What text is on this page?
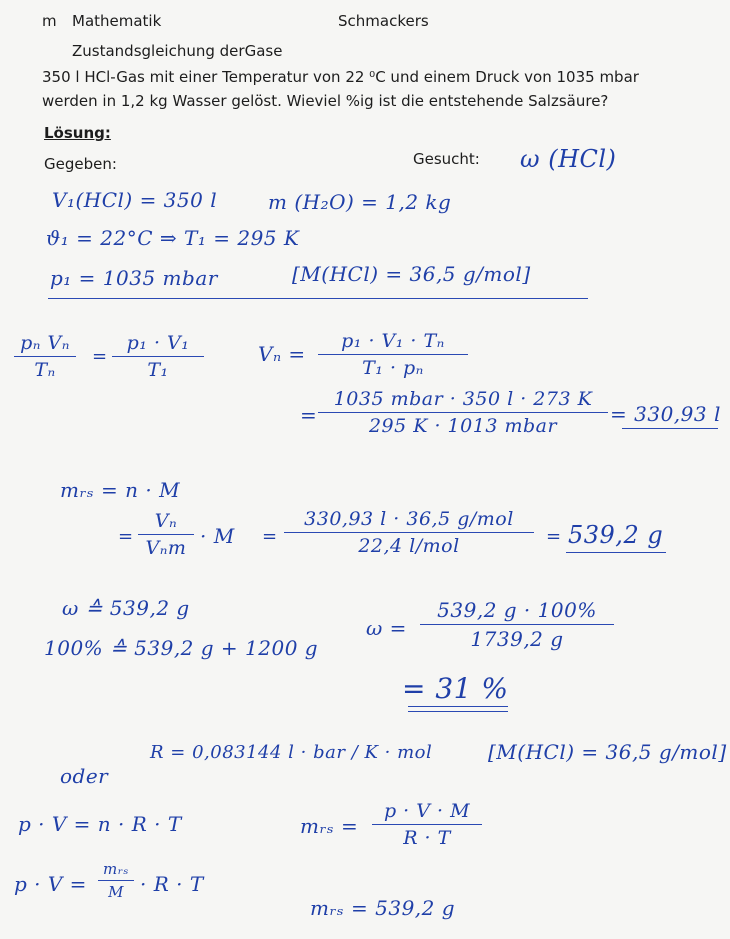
m Mathematik	Schmackers
Zustandsgleichung derGase
350 l HCl-Gas mit einer Temperatur von 22 ⁰C und einem Druck von 1035 mbar
werden in 1,2 kg Wasser gelöst. Wieviel %ig ist die entstehende Salzsäure?
Lösung:
Gegeben:	Gesucht: ω (HCl)
V₁(HCl) = 350 l	m (H₂O) = 1,2 kg
ϑ₁ = 22°C ⇒ T₁ = 295 K
p₁ = 1035 mbar	[M(HCl) = 36,5 g/mol]
pₙ Vₙ
Tₙ
=
p₁ · V₁
T₁
Vₙ =
p₁ · V₁ · Tₙ
T₁ · pₙ
=
1035 mbar · 350 l · 273 K
295 K · 1013 mbar	= 330,93 l
mᵣₛ = n · M
=
Vₙ
Vₙm · M =
330,93 l · 36,5 g/mol
22,4 l/mol	= 539,2 g
ω ≙ 539,2 g
100% ≙ 539,2 g + 1200 g
ω =
539,2 g · 100%
1739,2 g
= 31 %
R = 0,083144 l · bar / K · mol	[M(HCl) = 36,5 g/mol]
oder
p · V = n · R · T	mᵣₛ =
p · V · M
R · T
p · V =
mᵣₛ
M · R · T
mᵣₛ = 539,2 g
